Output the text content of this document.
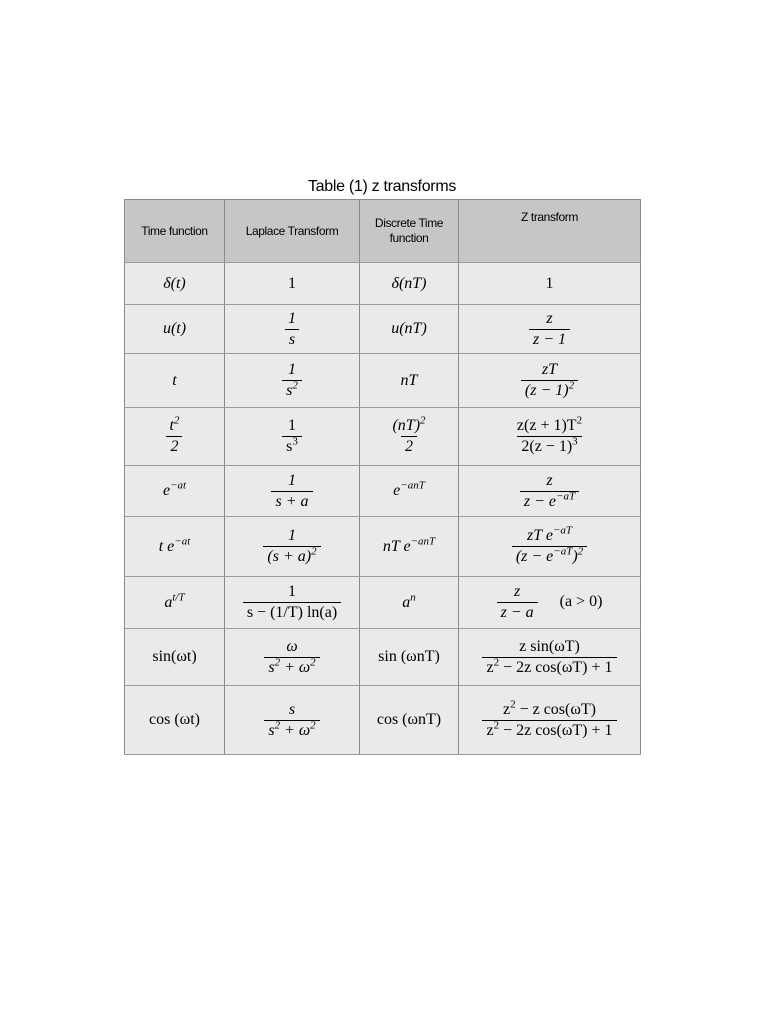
Table (1) z transforms
Time function	Laplace Transform	Discrete Time function	Z transform
δ(t)	1	δ(nT)	1
u(t)	$\frac{1}{s}$	u(nT)	$\frac{z}{z - 1}$

t	$\frac{1}{s^2}$	nT	$\frac{zT}{(z - 1)^2}$

$\frac{t^2}{2}$	$\frac{1}{s^3}$	$\frac{(nT)^2}{2}$	$\frac{z(z + 1)T^2}{2(z - 1)^3}$

$e^{-at}$	$\frac{1}{s + a}$	$e^{-anT}$	$\frac{z}{z - e^{-aT}}$

t $e^{-at}$	$\frac{1}{(s + a)^2}$	nT $e^{-anT}$	$\frac{zT e^{-aT}}{(z - e^{-aT})^2}$

$a^{t/T}$	$\frac{1}{s - (1/T) \ln(a)}$	$a^n$	$\frac{z}{z - a} (a > 0)$
sin(ωt)	$\frac{\omega}{s^2 + \omega^2}$	sin (ωnT)	$\frac{\text{z sin(ωT)}}{z^2 - 2z \cos(\omega T) + 1}$

cos (ωt)	$\frac{s}{s^2 + \omega^2}$	cos (ωnT)	$\frac{z^2 - z \cos(\omega T)}{z^2 - 2z \cos(\omega T) + 1}$
